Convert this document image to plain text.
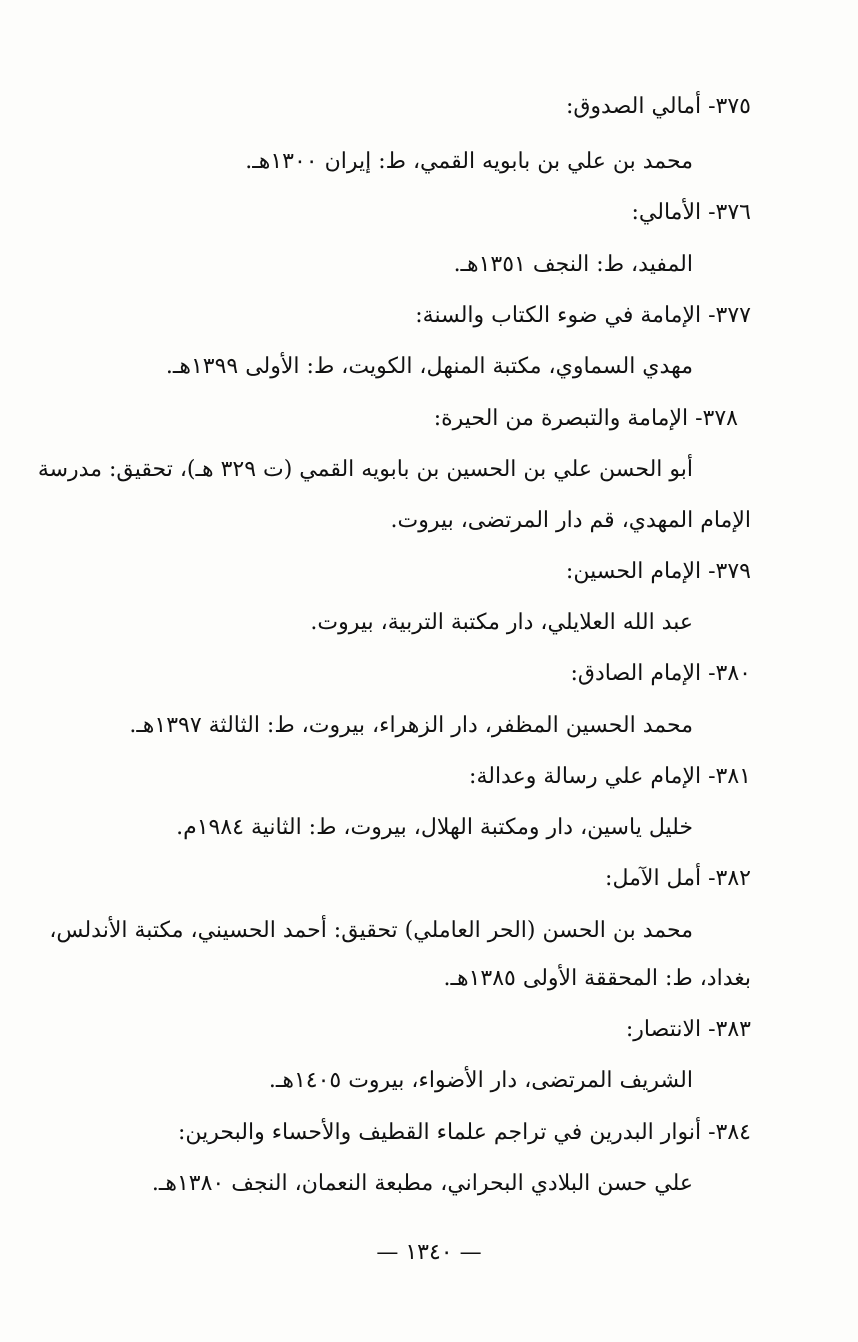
٣٧٥- أمالي الصدوق:
محمد بن علي بن بابويه القمي، ط: إيران ١٣٠٠هـ.
٣٧٦- الأمالي:
المفيد، ط: النجف ١٣٥١هـ.
٣٧٧- الإمامة في ضوء الكتاب والسنة:
مهدي السماوي، مكتبة المنهل، الكويت، ط: الأولى ١٣٩٩هـ.
٣٧٨- الإمامة والتبصرة من الحيرة:
أبو الحسن علي بن الحسين بن بابويه القمي (ت ٣٢٩ هـ)، تحقيق: مدرسة
الإمام المهدي، قم دار المرتضى، بيروت.
٣٧٩- الإمام الحسين:
عبد الله العلايلي، دار مكتبة التربية، بيروت.
٣٨٠- الإمام الصادق:
محمد الحسين المظفر، دار الزهراء، بيروت، ط: الثالثة ١٣٩٧هـ.
٣٨١- الإمام علي رسالة وعدالة:
خليل ياسين، دار ومكتبة الهلال، بيروت، ط: الثانية ١٩٨٤م.
٣٨٢- أمل الآمل:
محمد بن الحسن (الحر العاملي) تحقيق: أحمد الحسيني، مكتبة الأندلس،
بغداد، ط: المحققة الأولى ١٣٨٥هـ.
٣٨٣- الانتصار:
الشريف المرتضى، دار الأضواء، بيروت ١٤٠٥هـ.
٣٨٤- أنوار البدرين في تراجم علماء القطيف والأحساء والبحرين:
علي حسن البلادي البحراني، مطبعة النعمان، النجف ١٣٨٠هـ.
— ١٣٤٠ —
